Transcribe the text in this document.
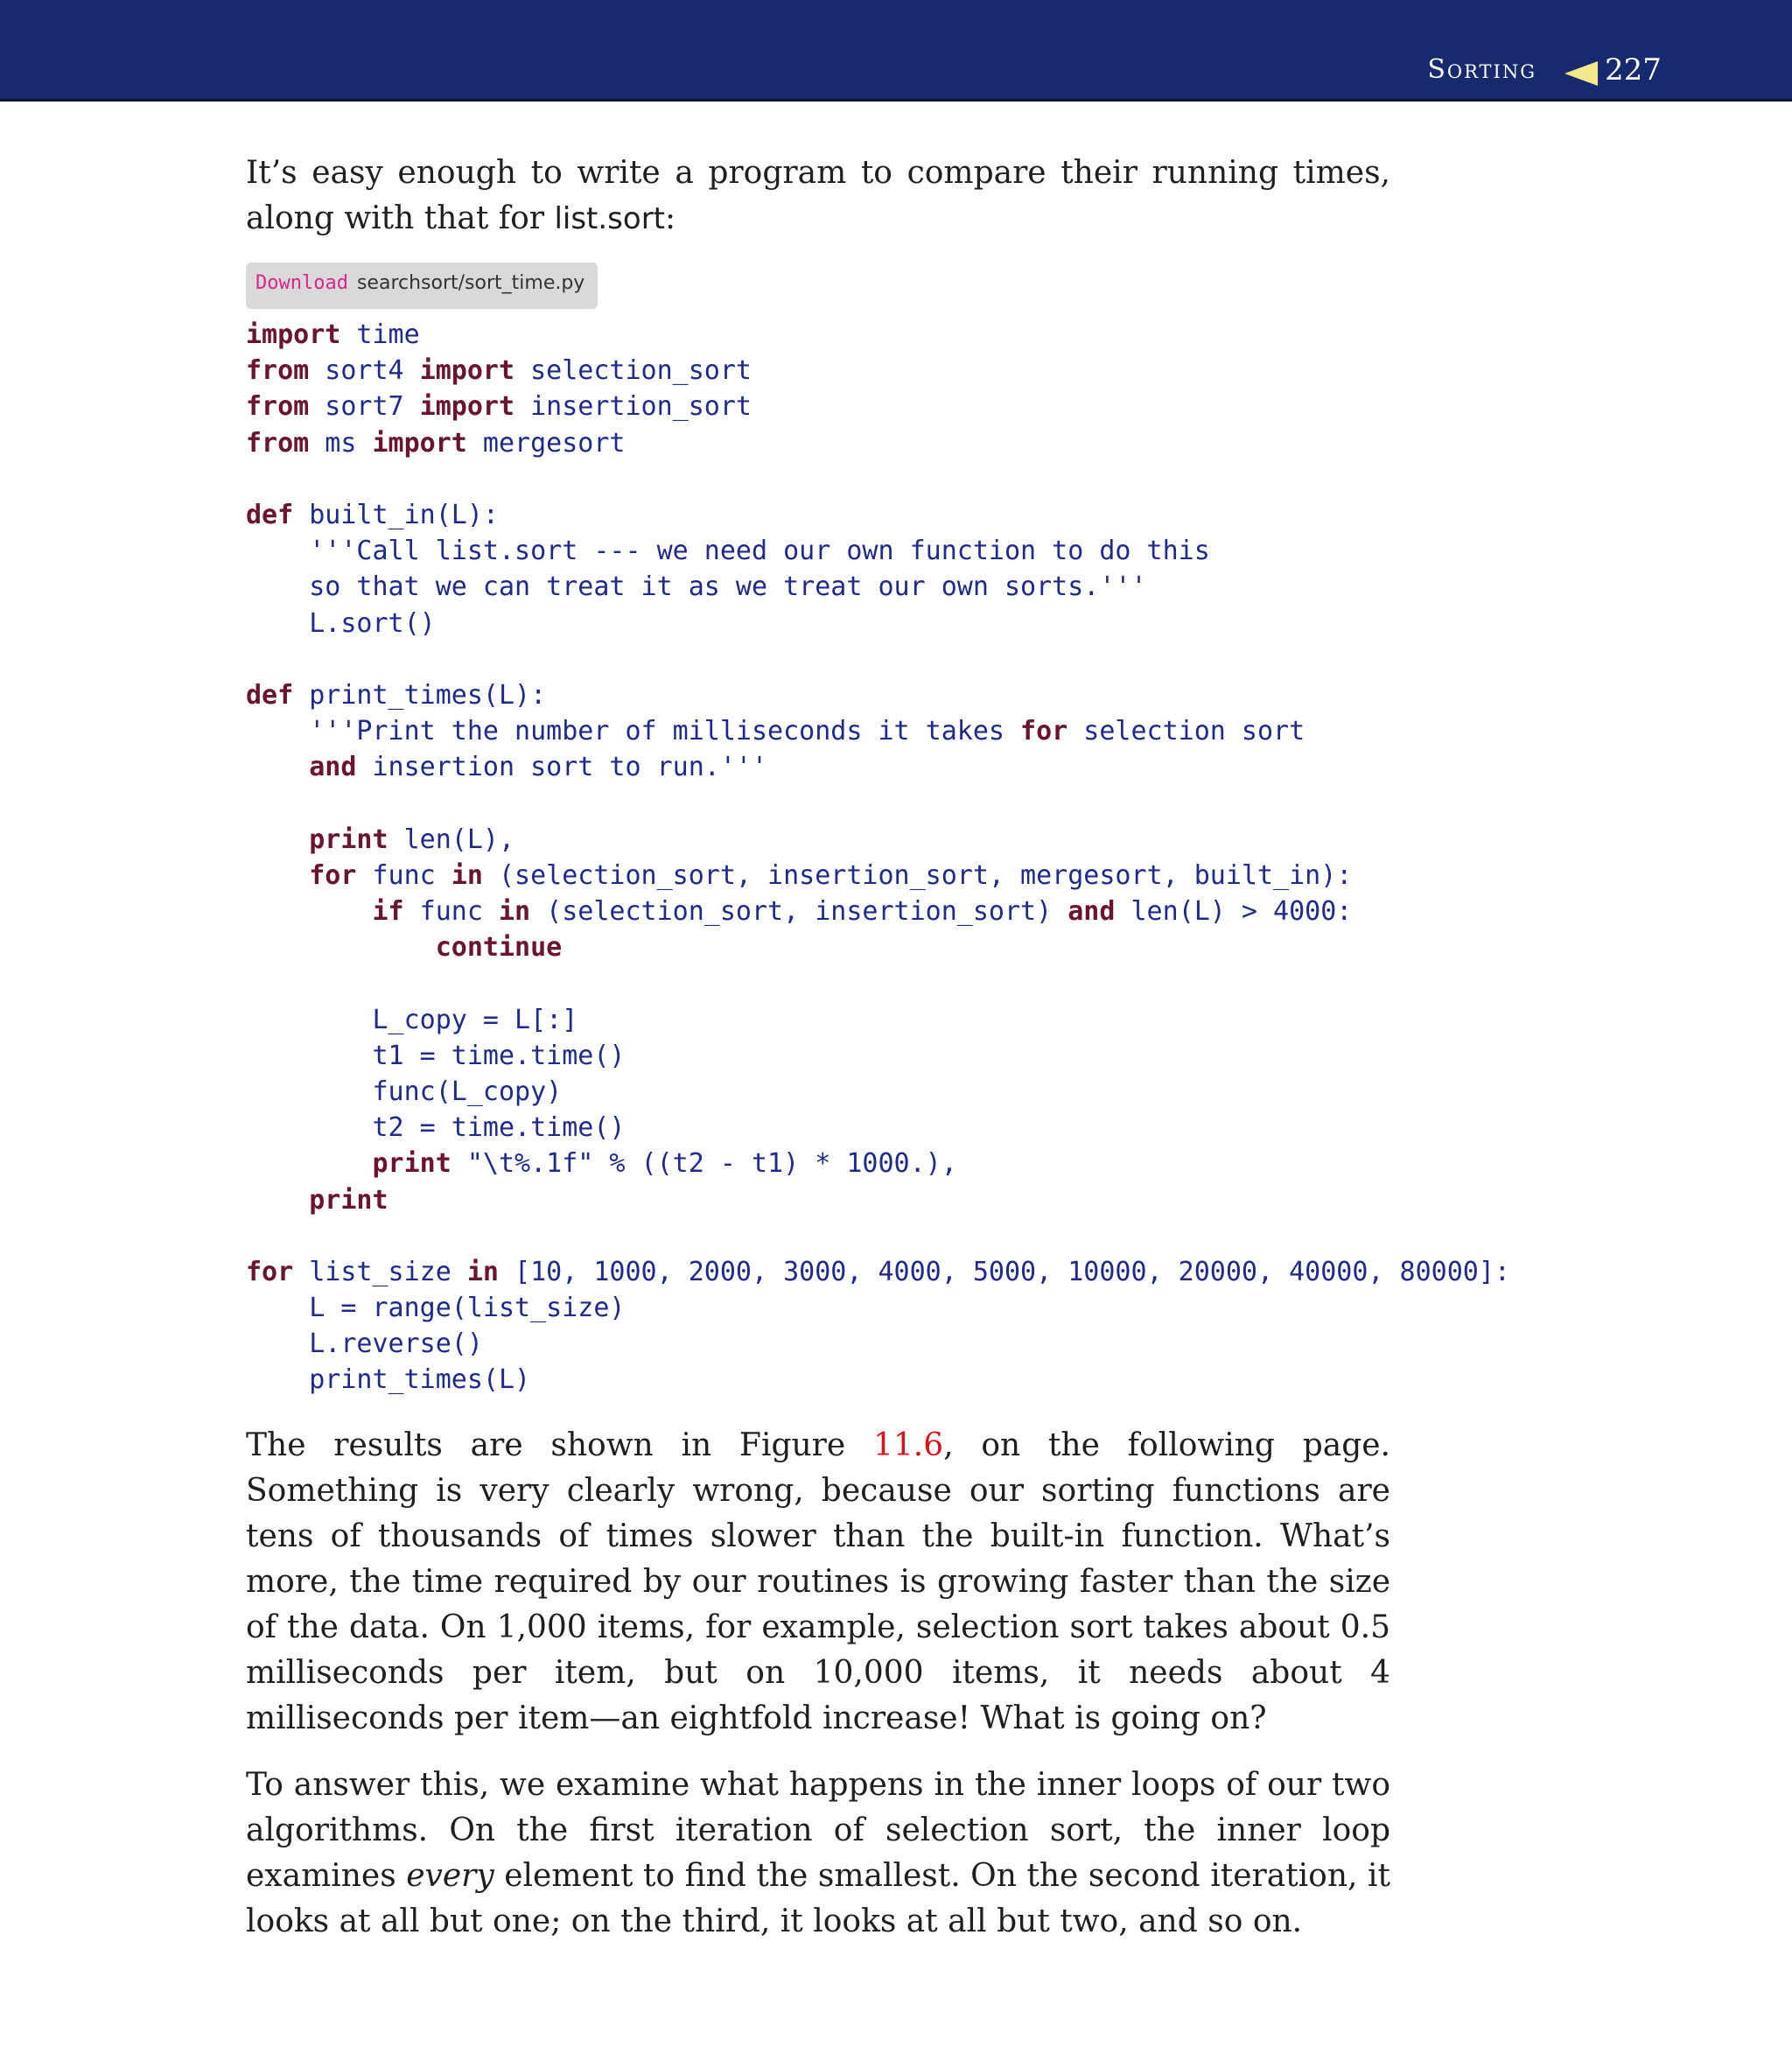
Sorting 227

It’s easy enough to write a program to compare their running times, along with that for list.sort:

Download searchsort/sort_time.py
import time
from sort4 import selection_sort
from sort7 import insertion_sort
from ms import mergesort
def built_in(L):
'''Call list.sort --- we need our own function to do this
so that we can treat it as we treat our own sorts.'''
L.sort()
def print_times(L):
'''Print the number of milliseconds it takes for selection sort
and insertion sort to run.'''
print len(L),
for func in (selection_sort, insertion_sort, mergesort, built_in):
if func in (selection_sort, insertion_sort) and len(L) > 4000:
continue
L_copy = L[:]
t1 = time.time()
func(L_copy)
t2 = time.time()
print "\t%.1f" % ((t2 - t1) * 1000.),
print
for list_size in [10, 1000, 2000, 3000, 4000, 5000, 10000, 20000, 40000, 80000]:
L = range(list_size)
L.reverse()
print_times(L)

The results are shown in Figure 11.6, on the following page. Something is very clearly wrong, because our sorting functions are tens of thousands of times slower than the built-in function. What’s more, the time required by our routines is growing faster than the size of the data. On 1,000 items, for example, selection sort takes about 0.5 milliseconds per item, but on 10,000 items, it needs about 4 milliseconds per item—an eightfold increase! What is going on?

To answer this, we examine what happens in the inner loops of our two algorithms. On the first iteration of selection sort, the inner loop examines every element to find the smallest. On the second iteration, it looks at all but one; on the third, it looks at all but two, and so on.
